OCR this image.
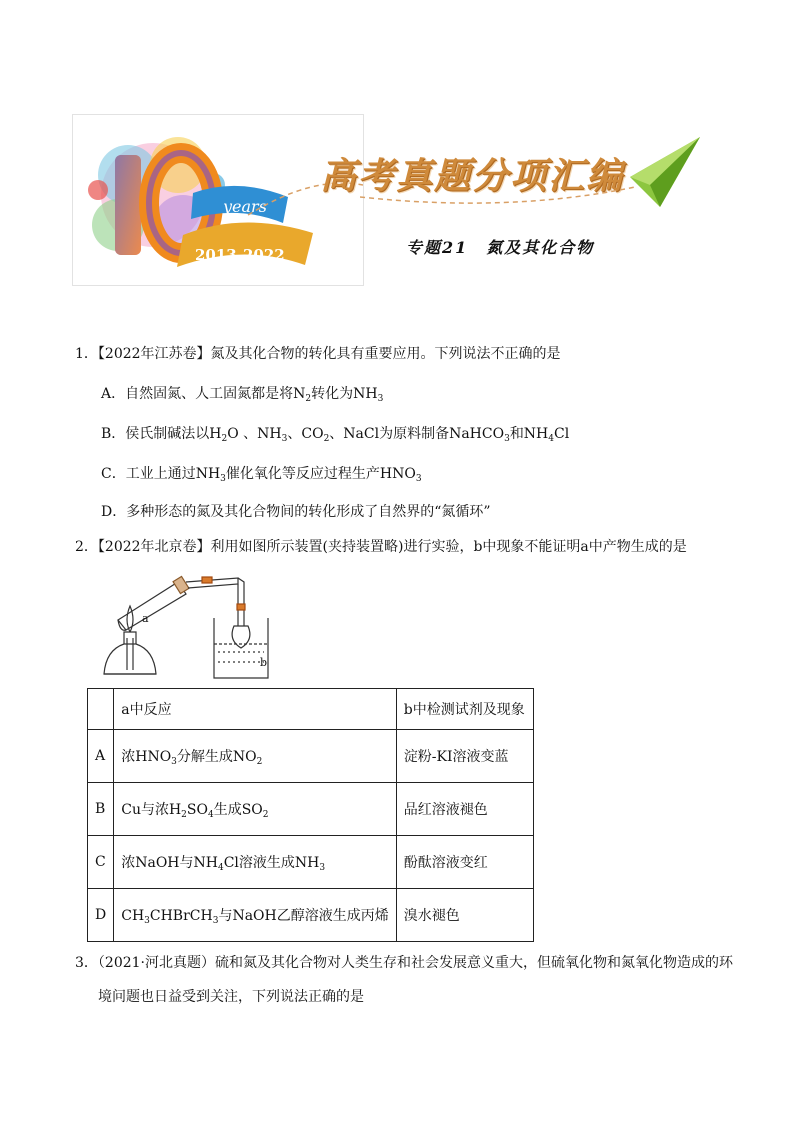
years
2013-2022
高考真题分项汇编
专题21　氮及其化合物
1．【2022年江苏卷】氮及其化合物的转化具有重要应用。下列说法不正确的是
A．自然固氮、人工固氮都是将$N_2$转化为$NH_3$
B．侯氏制碱法以$H_2O$ 、$NH_3$、$CO_2$、NaCl为原料制备NaHCO$_3$和$NH_4Cl$
C．工业上通过$NH_3$催化氧化等反应过程生产$HNO_3$
D．多种形态的氮及其化合物间的转化形成了自然界的“氮循环”
2．【2022年北京卷】利用如图所示装置(夹持装置略)进行实验，b中现象不能证明a中产物生成的是
a
b
	a中反应	b中检测试剂及现象
A	浓$HNO_3$分解生成$NO_2$	淀粉-KI溶液变蓝
B	Cu与浓$H_2SO_4$生成$SO_2$	品红溶液褪色
C	浓NaOH与$NH_4Cl$溶液生成$NH_3$	酚酞溶液变红
D	$CH_3CHBrCH_3$与NaOH乙醇溶液生成丙烯	溴水褪色
3．（2021·河北真题）硫和氮及其化合物对人类生存和社会发展意义重大，但硫氧化物和氮氧化物造成的环
境问题也日益受到关注，下列说法正确的是
